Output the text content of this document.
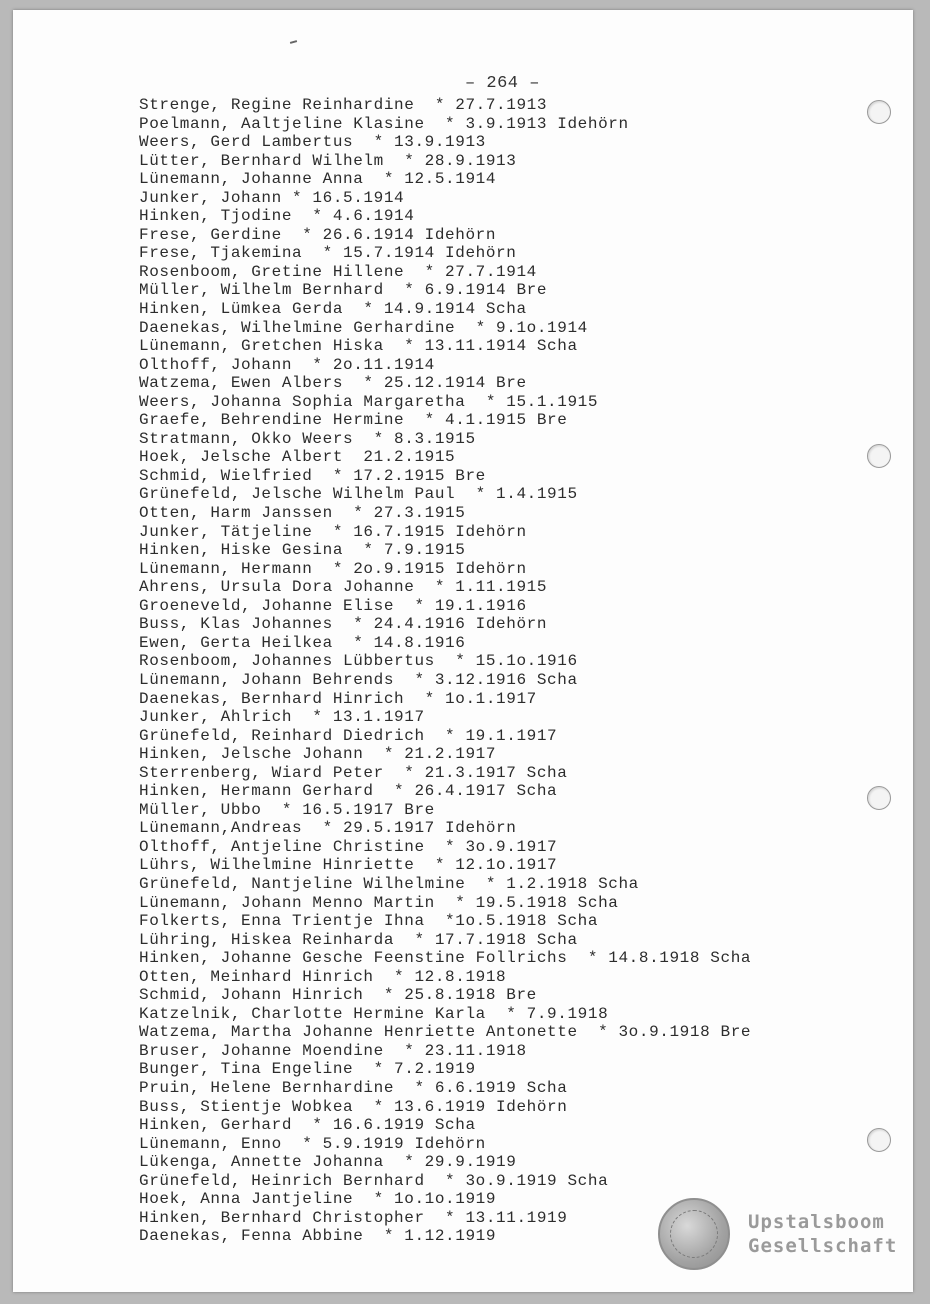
– 264 –
Strenge, Regine Reinhardine  * 27.7.1913
Poelmann, Aaltjeline Klasine  * 3.9.1913 Idehörn
Weers, Gerd Lambertus  * 13.9.1913
Lütter, Bernhard Wilhelm  * 28.9.1913
Lünemann, Johanne Anna  * 12.5.1914
Junker, Johann * 16.5.1914
Hinken, Tjodine  * 4.6.1914
Frese, Gerdine  * 26.6.1914 Idehörn
Frese, Tjakemina  * 15.7.1914 Idehörn
Rosenboom, Gretine Hillene  * 27.7.1914
Müller, Wilhelm Bernhard  * 6.9.1914 Bre
Hinken, Lümkea Gerda  * 14.9.1914 Scha
Daenekas, Wilhelmine Gerhardine  * 9.1o.1914
Lünemann, Gretchen Hiska  * 13.11.1914 Scha
Olthoff, Johann  * 2o.11.1914
Watzema, Ewen Albers  * 25.12.1914 Bre
Weers, Johanna Sophia Margaretha  * 15.1.1915
Graefe, Behrendine Hermine  * 4.1.1915 Bre
Stratmann, Okko Weers  * 8.3.1915
Hoek, Jelsche Albert  21.2.1915
Schmid, Wielfried  * 17.2.1915 Bre
Grünefeld, Jelsche Wilhelm Paul  * 1.4.1915
Otten, Harm Janssen  * 27.3.1915
Junker, Tätjeline  * 16.7.1915 Idehörn
Hinken, Hiske Gesina  * 7.9.1915
Lünemann, Hermann  * 2o.9.1915 Idehörn
Ahrens, Ursula Dora Johanne  * 1.11.1915
Groeneveld, Johanne Elise  * 19.1.1916
Buss, Klas Johannes  * 24.4.1916 Idehörn
Ewen, Gerta Heilkea  * 14.8.1916
Rosenboom, Johannes Lübbertus  * 15.1o.1916
Lünemann, Johann Behrends  * 3.12.1916 Scha
Daenekas, Bernhard Hinrich  * 1o.1.1917
Junker, Ahlrich  * 13.1.1917
Grünefeld, Reinhard Diedrich  * 19.1.1917
Hinken, Jelsche Johann  * 21.2.1917
Sterrenberg, Wiard Peter  * 21.3.1917 Scha
Hinken, Hermann Gerhard  * 26.4.1917 Scha
Müller, Ubbo  * 16.5.1917 Bre
Lünemann,Andreas  * 29.5.1917 Idehörn
Olthoff, Antjeline Christine  * 3o.9.1917
Lührs, Wilhelmine Hinriette  * 12.1o.1917
Grünefeld, Nantjeline Wilhelmine  * 1.2.1918 Scha
Lünemann, Johann Menno Martin  * 19.5.1918 Scha
Folkerts, Enna Trientje Ihna  *1o.5.1918 Scha
Lühring, Hiskea Reinharda  * 17.7.1918 Scha
Hinken, Johanne Gesche Feenstine Follrichs  * 14.8.1918 Scha
Otten, Meinhard Hinrich  * 12.8.1918
Schmid, Johann Hinrich  * 25.8.1918 Bre
Katzelnik, Charlotte Hermine Karla  * 7.9.1918
Watzema, Martha Johanne Henriette Antonette  * 3o.9.1918 Bre
Bruser, Johanne Moendine  * 23.11.1918
Bunger, Tina Engeline  * 7.2.1919
Pruin, Helene Bernhardine  * 6.6.1919 Scha
Buss, Stientje Wobkea  * 13.6.1919 Idehörn
Hinken, Gerhard  * 16.6.1919 Scha
Lünemann, Enno  * 5.9.1919 Idehörn
Lükenga, Annette Johanna  * 29.9.1919
Grünefeld, Heinrich Bernhard  * 3o.9.1919 Scha
Hoek, Anna Jantjeline  * 1o.1o.1919
Hinken, Bernhard Christopher  * 13.11.1919
Daenekas, Fenna Abbine  * 1.12.1919
Upstalsboom
Gesellschaft
